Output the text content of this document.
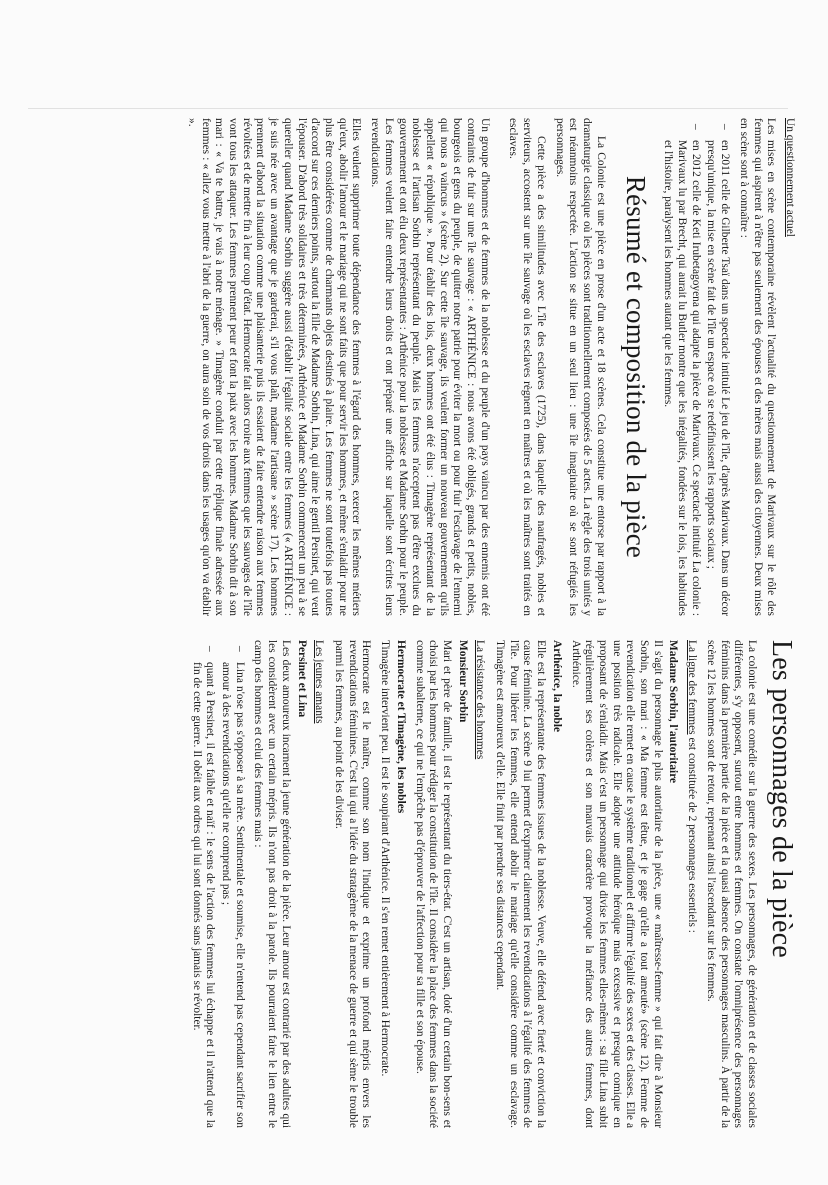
Un questionnement actuel

Les mises en scène contemporaine révèlent l'actualité du questionnement de Marivaux sur le rôle des femmes qui aspirent à n'être pas seulement des épouses et des mères mais aussi des citoyennes. Deux mises en scène sont à connaître :

– en 2011 celle de Gilberte Tsaï dans un spectacle intitulé Le jeu de l'île, d'après Marivaux. Dans un décor presqu'unique, la mise en scène fait de l'île un espace où se redéfinissent les rapports sociaux ;
– en 2012 celle de Keti Irubetagoyena qui adapte la pièce de Marivaux. Ce spectacle intitulé La colonie : Marivaux lu par Brecht, qui aurait lu Butler montre que les inégalités, fondées sur le lois, les habitudes et l'histoire, paralysent les hommes autant que les femmes.
Résumé et composition de la pièce

La Colonie est une pièce en prose d'un acte et 18 scènes. Cela constitue une entorse par rapport à la dramaturgie classique où les pièces sont traditionnellement composées de 5 actes. La règle des trois unités y est néanmoins respectée. L'action se situe en un seul lieu : une île imaginaire où se sont réfugiés les personnages.

Cette pièce a des similitudes avec L'île des esclaves (1725), dans laquelle des naufragés, nobles et serviteurs, accostent sur une île sauvage où les esclaves règnent en maîtres et où les maîtres sont traités en esclaves.

Un groupe d'hommes et de femmes de la noblesse et du peuple d'un pays vaincu par des ennemis ont été contraints de fuir sur une île sauvage : « ARTHÉNICE : nous avons été obligés, grands et petits, nobles, bourgeois et gens du peuple, de quitter notre patrie pour éviter la mort ou pour fuir l'esclavage de l'ennemi qui nous a vaincus » (scène 2). Sur cette île sauvage, ils veulent former un nouveau gouvernement qu'ils appellent « république ». Pour établir des lois, deux hommes ont été élus : Timagène représentant de la noblesse et l'artisan Sorbin représentant du peuple. Mais les femmes n'acceptent pas d'être exclues du gouvernement et ont élu deux représentantes : Arthénice pour la noblesse et Madame Sorbin pour le peuple. Les femmes veulent faire entendre leurs droits et ont préparé une affiche sur laquelle sont écrites leurs revendications.

Elles veulent supprimer toute dépendance des femmes à l'égard des hommes, exercer les mêmes métiers qu'eux, abolir l'amour et le mariage qui ne sont faits que pour servir les hommes, et même s'enlaidir pour ne plus être considérées comme de charmants objets destinés à plaire. Les femmes ne sont toutefois pas toutes d'accord sur ces derniers points, surtout la fille de Madame Sorbin, Lina, qui aime le gentil Persinet, qui veut l'épouser. D'abord très solidaires et très déterminées, Arthénice et Madame Sorbin commencent un peu à se quereller quand Madame Sorbin suggère aussi d'établir l'égalité sociale entre les femmes (« ARTHÉNICE : je suis née avec un avantage que je garderai, s'il vous plaît, madame l'artisane » scène 17). Les hommes prennent d'abord la situation comme une plaisanterie puis ils essaient de faire entendre raison aux femmes révoltées et de mettre fin à leur coup d'état. Hermocrate fait alors croire aux femmes que les sauvages de l'île vont tous les attaquer. Les femmes prennent peur et font la paix avec les hommes. Madame Sorbin dit à son mari : « Va te battre, je vais à notre ménage. » Timagène conduit par cette réplique finale adressée aux femmes : « allez vous mettre à l'abri de la guerre, on aura soin de vos droits dans les usages qu'on va établir ».

Les personnages de la pièce

La colonie est une comédie sur la guerre des sexes. Les personnages, de génération et de classes sociales différentes, s'y opposent, surtout entre hommes et femmes. On constate l'omniprésence des personnages féminins dans la première partie de la pièce et la quasi absence des personnages masculins. À partir de la scène 12 les hommes sont de retour, reprenant ainsi l'ascendant sur les femmes.

La ligne des femmes est constituée de 2 personnages essentiels :

Madame Sorbin, l'autoritaire

Il s'agit du personnage le plus autoritaire de la pièce, une « maîtresse-femme » qui fait dire à Monsieur Sorbin, son mari : « Ma femme est têtue, et je gage qu'elle a tout ameuté» (scène 12). Femme de revendication elle remet en cause le système traditionnel et affirme l'égalité des sexes et des classes. Elle a une position très radicale. Elle adopte une attitude héroïque mais excessive et presque comique en proposant de s'enlaidir. Mais c'est un personnage qui divise les femmes elles-mêmes : sa fille Lina subit régulièrement ses colères et son mauvais caractère provoque la méfiance des autres femmes, dont Arthénice.

Arthénice, la noble

Elle est la représentante des femmes issues de la noblesse. Veuve, elle défend avec fierté et conviction la cause féminine. La scène 9 lui permet d'exprimer clairement les revendications à l'égalité des femmes de l'île. Pour libérer les femmes, elle entend abolir le mariage qu'elle considère comme un esclavage. Timagène est amoureux d'elle. Elle finit par prendre ses distances cependant.

La résistance des hommes

Monsieur Sorbin

Mari et père de famille, il est le représentant du tiers-état. C'est un artisan, doté d'un certain bon-sens et choisi par les hommes pour rédiger la constitution de l'île. Il considère la place des femmes dans la société comme subalterne, ce qui ne l'empêche pas d'éprouver de l'affection pour sa fille et son épouse.

Hermocrate et Timagène, les nobles

Timagène intervient peu. Il est le soupirant d'Arthénice. Il s'en remet entièrement à Hermocrate.

Hermocrate est le maître, comme son nom l'indique et exprime un profond mépris envers les revendications féminines. C'est lui qui a l'idée du stratagème de la menace de guerre et qui sème le trouble parmi les femmes, au point de les diviser.

Les jeunes amants

Persinet et Lina

Les deux amoureux incarnent la jeune génération de la pièce. Leur amour est contrarié par des adultes qui les considèrent avec un certain mépris. Ils n'ont pas droit à la parole. Ils pourraient faire le lien entre le camp des hommes et celui des femmes mais :

– Lina n'ose pas s'opposer à sa mère. Sentimentale et soumise, elle n'entend pas cependant sacrifier son amour à des revendications qu'elle ne comprend pas ;
– quant à Persinet, il est faible et naïf : le sens de l'action des femmes lui échappe et il n'attend que la fin de cette guerre. Il obéit aux ordres qui lui sont donnés sans jamais se révolter.
